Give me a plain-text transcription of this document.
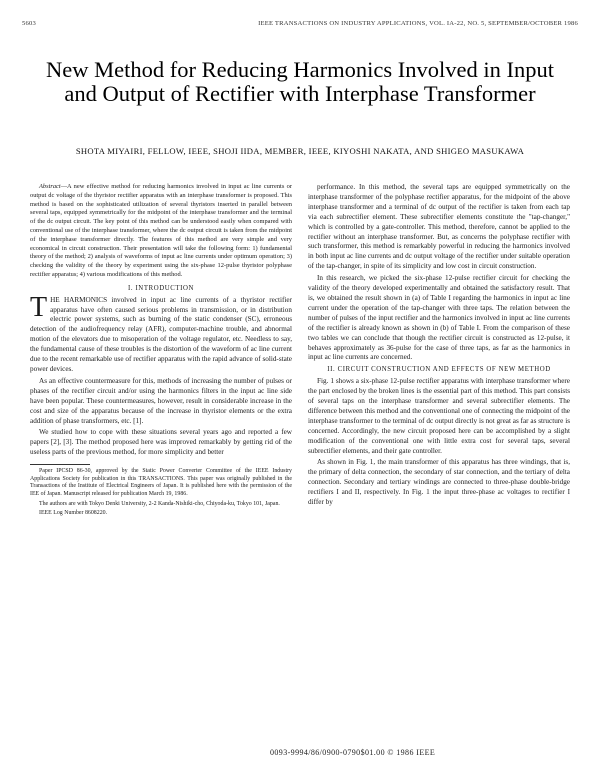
5603	IEEE TRANSACTIONS ON INDUSTRY APPLICATIONS, VOL. IA-22, NO. 5, SEPTEMBER/OCTOBER 1986
New Method for Reducing Harmonics Involved in Input and Output of Rectifier with Interphase Transformer
SHOTA MIYAIRI, FELLOW, IEEE, SHOJI IIDA, MEMBER, IEEE, KIYOSHI NAKATA, AND SHIGEO MASUKAWA

Abstract—A new effective method for reducing harmonics involved in input ac line currents or output dc voltage of the thyristor rectifier apparatus with an interphase transformer is proposed. This method is based on the sophisticated utilization of several thyristors inserted in parallel between several taps, equipped symmetrically for the midpoint of the interphase transformer and the terminal of the dc output circuit. The key point of this method can be understood easily when compared with conventional use of the interphase transformer, where the dc output circuit is taken from the midpoint of the interphase transformer directly. The features of this method are very simple and very economical in circuit construction. Their presentation will take the following form: 1) fundamental theory of the method; 2) analysis of waveforms of input ac line currents under optimum operation; 3) checking the validity of the theory by experiment using the six-phase 12-pulse thyristor polyphase rectifier apparatus; 4) various modifications of this method.

I. INTRODUCTION

THE HARMONICS involved in input ac line currents of a thyristor rectifier apparatus have often caused serious problems in transmission, or in distribution electric power systems, such as burning of the static condenser (SC), erroneous detection of the audiofrequency relay (AFR), computer-machine trouble, and abnormal motion of the elevators due to misoperation of the voltage regulator, etc. Needless to say, the fundamental cause of these troubles is the distortion of the waveform of ac line current due to the recent remarkable use of rectifier apparatus with the rapid advance of solid-state power devices.

As an effective countermeasure for this, methods of increasing the number of pulses or phases of the rectifier circuit and/or using the harmonics filters in the input ac line side have been popular. These countermeasures, however, result in considerable increase in the cost and size of the apparatus because of the increase in thyristor elements or the extra addition of phase transformers, etc. [1].

We studied how to cope with these situations several years ago and reported a few papers [2], [3]. The method proposed here was improved remarkably by getting rid of the useless parts of the previous method, for more simplicity and better

Paper IPCSD 86-30, approved by the Static Power Converter Committee of the IEEE Industry Applications Society for publication in this TRANSACTIONS. This paper was originally published in the Transactions of the Institute of Electrical Engineers of Japan. It is published here with the permission of the IEE of Japan. Manuscript released for publication March 19, 1986.

The authors are with Tokyo Denki University, 2-2 Kanda-Nishiki-cho, Chiyoda-ku, Tokyo 101, Japan.

IEEE Log Number 8608220.

performance. In this method, the several taps are equipped symmetrically on the interphase transformer of the polyphase rectifier apparatus, for the midpoint of the above interphase transformer and a terminal of dc output of the rectifier is taken from each tap via each subrectifier element. These subrectifier elements constitute the "tap-changer," which is controlled by a gate-controller. This method, therefore, cannot be applied to the rectifier without an interphase transformer. But, as concerns the polyphase rectifier with such transformer, this method is remarkably powerful in reducing the harmonics involved in both input ac line currents and dc output voltage of the rectifier under suitable operation of the tap-changer, in spite of its simplicity and low cost in circuit construction.

In this research, we picked the six-phase 12-pulse rectifier circuit for checking the validity of the theory developed experimentally and obtained the satisfactory result. That is, we obtained the result shown in (a) of Table I regarding the harmonics in input ac line current under the operation of the tap-changer with three taps. The relation between the number of pulses of the input rectifier and the harmonics involved in input ac line currents of the rectifier is already known as shown in (b) of Table I. From the comparison of these two tables we can conclude that though the rectifier circuit is constructed as 12-pulse, it behaves approximately as 36-pulse for the case of three taps, as far as the harmonics in input ac line currents are concerned.

II. CIRCUIT CONSTRUCTION AND EFFECTS OF NEW METHOD

Fig. 1 shows a six-phase 12-pulse rectifier apparatus with interphase transformer where the part enclosed by the broken lines is the essential part of this method. This part consists of several taps on the interphase transformer and several subrectifier elements. The difference between this method and the conventional one of connecting the midpoint of the interphase transformer to the terminal of dc output directly is not great as far as structure is concerned. Accordingly, the new circuit proposed here can be accomplished by a slight modification of the conventional one with little extra cost for several taps, several subrectifier elements, and their gate controller.

As shown in Fig. 1, the main transformer of this apparatus has three windings, that is, the primary of delta connection, the secondary of star connection, and the tertiary of delta connection. Secondary and tertiary windings are connected to three-phase double-bridge rectifiers I and II, respectively. In Fig. 1 the input three-phase ac voltages to rectifier I differ by

0093-9994/86/0900-0790$01.00 © 1986 IEEE
